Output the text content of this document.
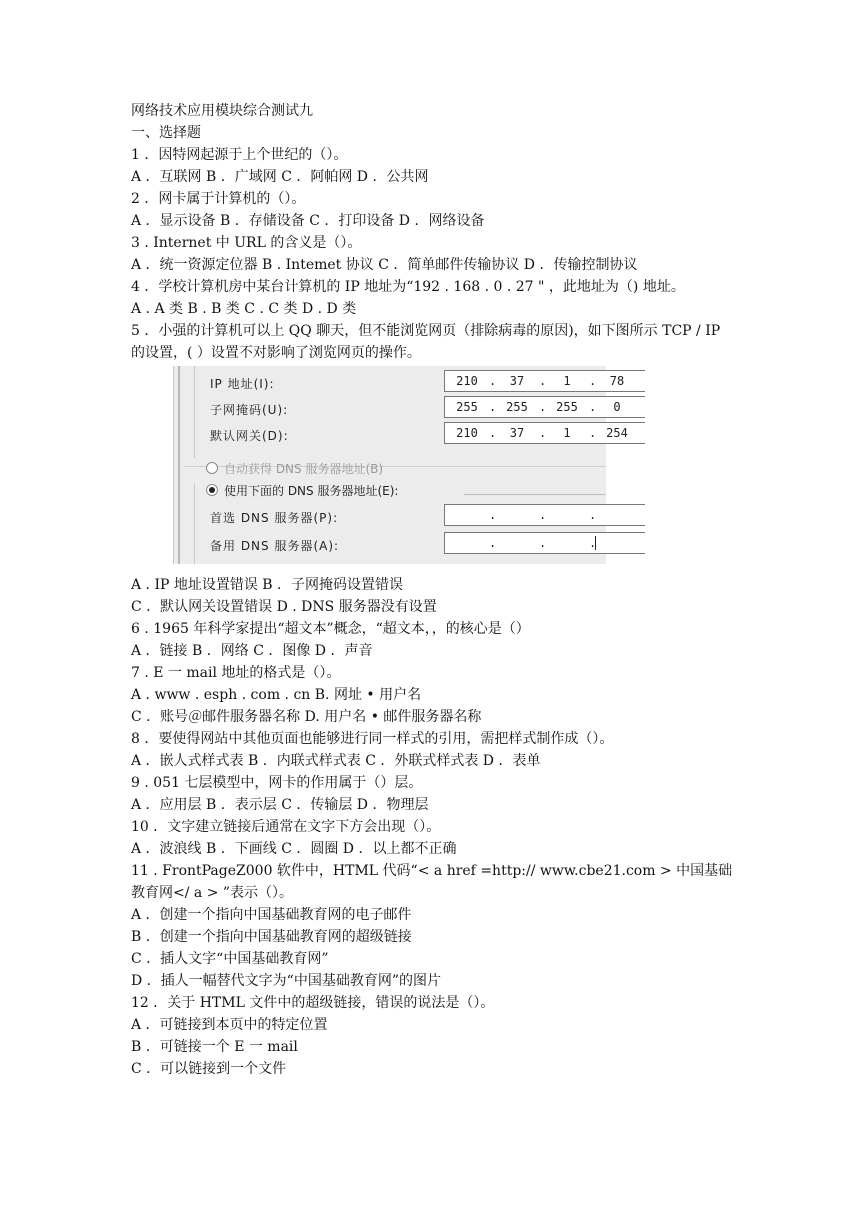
网络技术应用模块综合测试九
一、选择题
1 ．因特网起源于上个世纪的（）。
A ．互联网 B ．广域网 C ．阿帕网 D ．公共网
2 ．网卡属于计算机的（）。
A ．显示设备 B ．存储设备 C ．打印设备 D ．网络设备
3 . Internet 中 URL 的含义是（）。
A ．统一资源定位器 B . Intemet 协议 C ．简单邮件传输协议 D ．传输控制协议
4 ．学校计算机房中某台计算机的 IP 地址为“192 . 168 . 0 . 27 " ，此地址为（) 地址。
A . A 类 B . B 类 C . C 类 D . D 类
5 ．小强的计算机可以上 QQ 聊天，但不能浏览网页（排除病毒的原因)，如下图所示 TCP / IP 的设置，( ）设置不对影响了浏览网页的操作。
IP 地址(I):	210 .	37	.	1	.	78
子网掩码(U):	255 . 255 . 255 .	0
默认网关(D):	210 .	37	.	1	. 254
自动获得 DNS 服务器地址(B)
使用下面的 DNS 服务器地址(E):
首选 DNS 服务器(P):	.	.	.
备用 DNS 服务器(A):	.	.	.
A . IP 地址设置错误 B ．子网掩码设置错误
C ．默认网关设置错误 D . DNS 服务器没有设置
6 . 1965 年科学家提出“超文本”概念，“超文本，，的核心是（）
A ．链接 B ．网络 C ．图像 D ．声音
7 . E 一 mail 地址的格式是（）。
A . www . esph . com . cn B. 网址 • 用户名
C ．账号＠邮件服务器名称 D. 用户名 • 邮件服务器名称
8 ．要使得网站中其他页面也能够进行同一样式的引用，需把样式制作成（）。
A ．嵌人式样式表 B ．内联式样式表 C ．外联式样式表 D ．表单
9 . 051 七层模型中，网卡的作用属于（）层。
A ．应用层 B ．表示层 C ．传输层 D ．物理层
10 ．文字建立链接后通常在文字下方会出现（）。
A ．波浪线 B ．下画线 C ．圆圈 D ．以上都不正确
11 . FrontPageZ000 软件中，HTML 代码“< a href =http:// www.cbe21.com > 中国基础教育网</ a > ”表示（）。
A ．创建一个指向中国基础教育网的电子邮件
B ．创建一个指向中国基础教育网的超级链接
C ．插人文字“中国基础教育网”
D ．插人一幅替代文字为“中国基础教育网”的图片
12 ．关于 HTML 文件中的超级链接，错误的说法是（）。
A ．可链接到本页中的特定位置
B ．可链接一个 E 一 mail
C ．可以链接到一个文件
